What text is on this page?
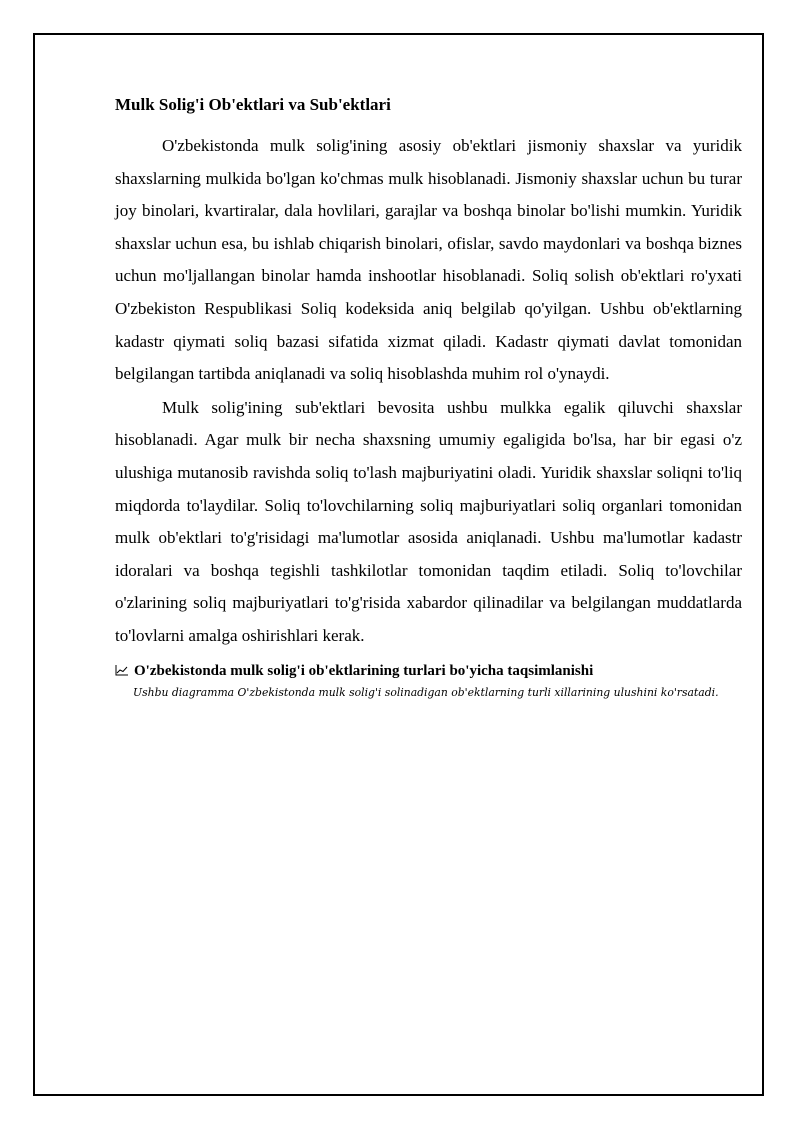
Mulk Solig'i Ob'ektlari va Sub'ektlari

O'zbekistonda mulk solig'ining asosiy ob'ektlari jismoniy shaxslar va yuridik shaxslarning mulkida bo'lgan ko'chmas mulk hisoblanadi. Jismoniy shaxslar uchun bu turar joy binolari, kvartiralar, dala hovlilari, garajlar va boshqa binolar bo'lishi mumkin. Yuridik shaxslar uchun esa, bu ishlab chiqarish binolari, ofislar, savdo maydonlari va boshqa biznes uchun mo'ljallangan binolar hamda inshootlar hisoblanadi. Soliq solish ob'ektlari ro'yxati O'zbekiston Respublikasi Soliq kodeksida aniq belgilab qo'yilgan. Ushbu ob'ektlarning kadastr qiymati soliq bazasi sifatida xizmat qiladi. Kadastr qiymati davlat tomonidan belgilangan tartibda aniqlanadi va soliq hisoblashda muhim rol o'ynaydi.

Mulk solig'ining sub'ektlari bevosita ushbu mulkka egalik qiluvchi shaxslar hisoblanadi. Agar mulk bir necha shaxsning umumiy egaligida bo'lsa, har bir egasi o'z ulushiga mutanosib ravishda soliq to'lash majburiyatini oladi. Yuridik shaxslar soliqni to'liq miqdorda to'laydilar. Soliq to'lovchilarning soliq majburiyatlari soliq organlari tomonidan mulk ob'ektlari to'g'risidagi ma'lumotlar asosida aniqlanadi. Ushbu ma'lumotlar kadastr idoralari va boshqa tegishli tashkilotlar tomonidan taqdim etiladi. Soliq to'lovchilar o'zlarining soliq majburiyatlari to'g'risida xabardor qilinadilar va belgilangan muddatlarda to'lovlarni amalga oshirishlari kerak.

O'zbekistonda mulk solig'i ob'ektlarining turlari bo'yicha taqsimlanishi
Ushbu diagramma O'zbekistonda mulk solig'i solinadigan ob'ektlarning turli xillarining ulushini ko'rsatadi.
